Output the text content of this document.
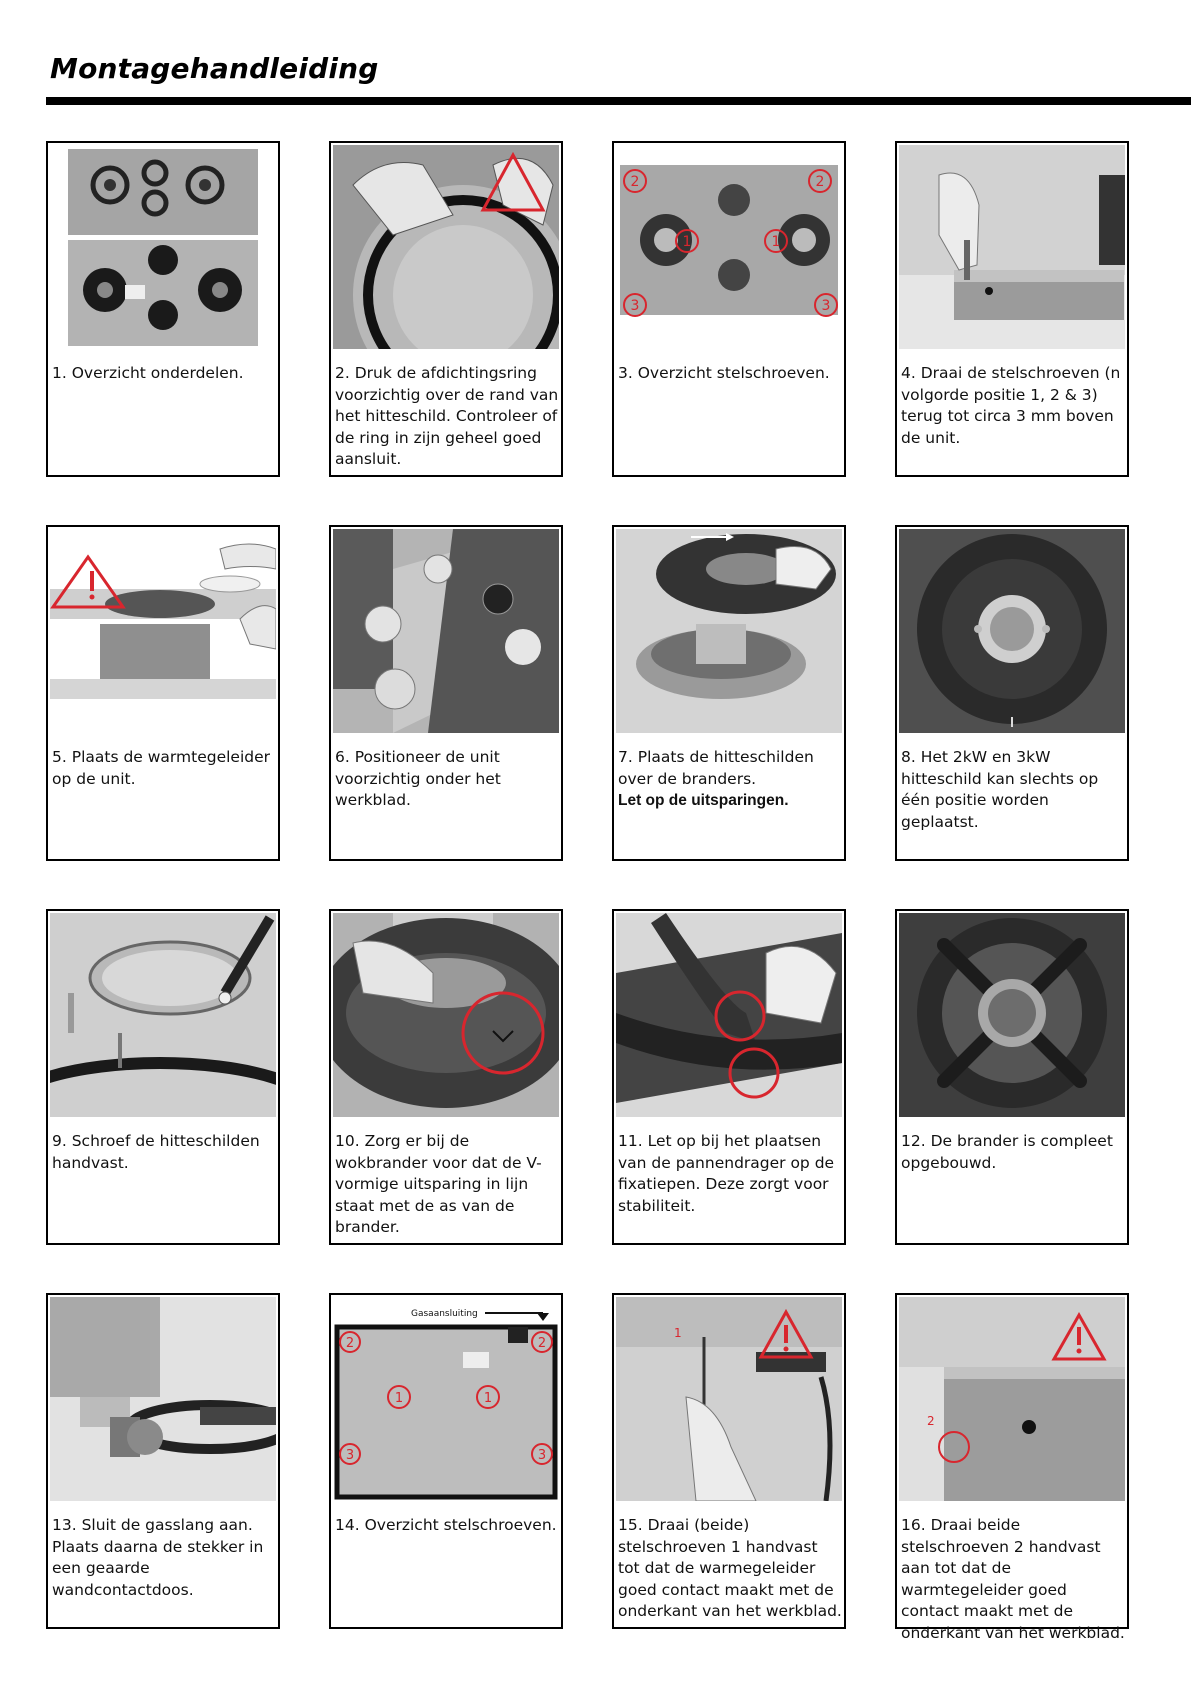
Montagehandleiding
1. Overzicht onderdelen.	2. Druk de afdichtingsring voorzichtig over de rand van het hitteschild. Controleer of de ring in zijn geheel goed aansluit.
2	2
1	1
3	3
3. Overzicht stelschroeven.	4. Draai de stelschroeven (n volgorde positie 1, 2 & 3) terug tot circa 3 mm boven de unit.
5. Plaats de warmtegeleider op de unit.
6. Positioneer de unit voorzichtig onder het werkblad.
7. Plaats de hitteschilden over de branders.
Let op de uitsparingen.
8. Het 2kW en 3kW hitteschild kan slechts op één positie worden geplaatst.
9. Schroef de hitteschilden handvast.
10. Zorg er bij de wokbrander voor dat de V-vormige uitsparing in lijn staat met de as van de brander.
11. Let op bij het plaatsen van de pannendrager op de fixatiepen. Deze zorgt voor stabiliteit.
12. De brander is compleet opgebouwd.
13. Sluit de gasslang aan. Plaats daarna de stekker in een geaarde wandcontactdoos.
Gasaansluiting
2	2
1	1
3	3
14. Overzicht stelschroeven.
1
15. Draai (beide) stelschroeven 1 handvast tot dat de warmegeleider goed contact maakt met de onderkant van het werkblad.
2
16. Draai beide stelschroeven 2 handvast aan tot dat de warmtegeleider goed contact maakt met de onderkant van het werkblad.
